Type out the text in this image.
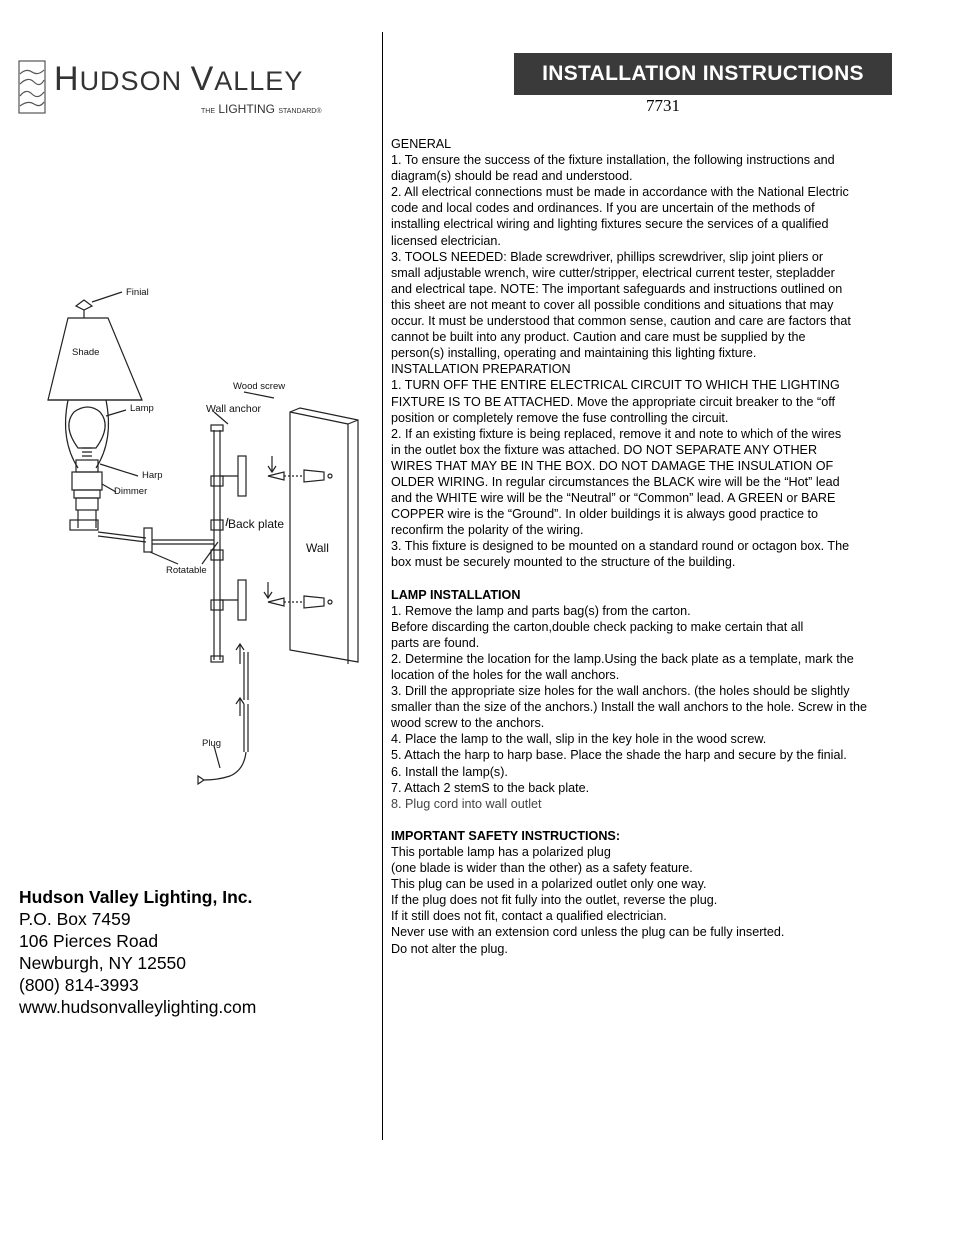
HUDSON VALLEY
THE LIGHTING STANDARD®
INSTALLATION INSTRUCTIONS
7731
Finial
Shade
Lamp
Harp
Dimmer
Rotatable
Wood screw
Wall anchor
Back plate
Wall
Plug
GENERAL
1. To ensure the success of the fixture installation, the following instructions and
diagram(s) should be read and understood.
2. All electrical connections must be made in accordance with the National Electric
code and local codes and ordinances. If you are uncertain of the methods of
installing electrical wiring and lighting fixtures secure the services of a qualified
licensed electrician.
3. TOOLS NEEDED: Blade screwdriver, phillips screwdriver, slip joint pliers or
small adjustable wrench, wire cutter/stripper, electrical current tester, stepladder
and electrical tape. NOTE: The important safeguards and instructions outlined on
this sheet are not meant to cover all possible conditions and situations that may
occur. It must be understood that common sense, caution and care are factors that
cannot be built into any product. Caution and care must be supplied by the
person(s) installing, operating and maintaining this lighting fixture.
INSTALLATION PREPARATION
1. TURN OFF THE ENTIRE ELECTRICAL CIRCUIT TO WHICH THE LIGHTING
FIXTURE IS TO BE ATTACHED. Move the appropriate circuit breaker to the “off
position or completely remove the fuse controlling the circuit.
2. If an existing fixture is being replaced, remove it and note to which of the wires
in the outlet box the fixture was attached. DO NOT SEPARATE ANY OTHER
WIRES THAT MAY BE IN THE BOX. DO NOT DAMAGE THE INSULATION OF
OLDER WIRING. In regular circumstances the BLACK wire will be the “Hot” lead
and the WHITE wire will be the “Neutral” or “Common” lead. A GREEN or BARE
COPPER wire is the “Ground”. In older buildings it is always good practice to
reconfirm the polarity of the wiring.
3. This fixture is designed to be mounted on a standard round or octagon box. The
box must be securely mounted to the structure of the building.
LAMP INSTALLATION
1. Remove the lamp and parts bag(s) from the carton.
Before discarding the carton,double check packing to make certain that all
parts are found.
2. Determine the location for the lamp.Using the back plate as a template, mark the
location of the holes for the wall anchors.
3. Drill the appropriate size holes for the wall anchors. (the holes should be slightly
smaller than the size of the anchors.) Install the wall anchors to the hole. Screw in the
wood screw to the anchors.
4. Place the lamp to the wall, slip in the key hole in the wood screw.
5. Attach the harp to harp base. Place the shade the harp and secure by the finial.
6. Install the lamp(s).
7. Attach 2 stemS to the back plate.
8. Plug cord into wall outlet
IMPORTANT SAFETY INSTRUCTIONS:
This portable lamp has a polarized plug
(one blade is wider than the other) as a safety feature.
This plug can be used in a polarized outlet only one way.
If the plug does not fit fully into the outlet, reverse the plug.
If it still does not fit, contact a qualified electrician.
Never use with an extension cord unless the plug can be fully inserted.
Do not alter the plug.
Hudson Valley Lighting, Inc.
P.O. Box 7459
106 Pierces Road
Newburgh, NY 12550
(800) 814-3993
www.hudsonvalleylighting.com
